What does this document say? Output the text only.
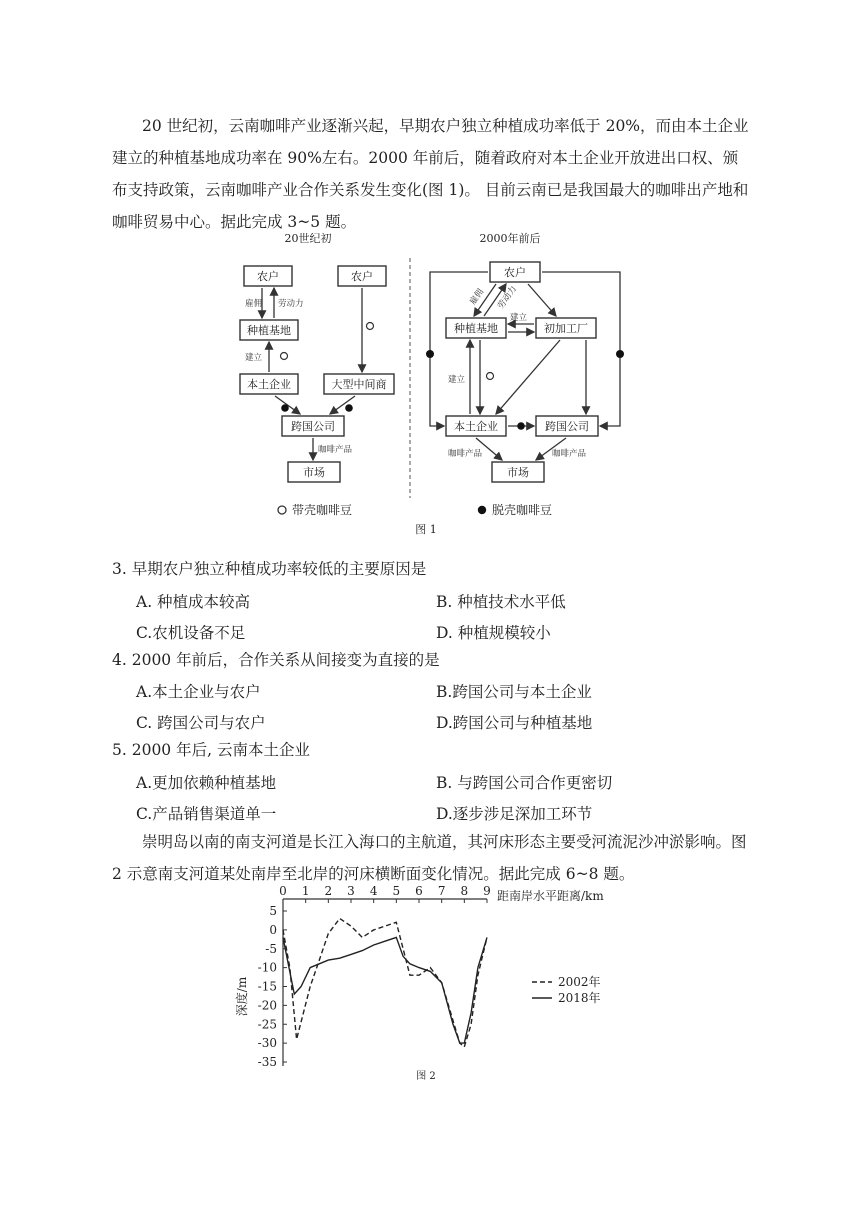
20 世纪初，云南咖啡产业逐渐兴起，早期农户独立种植成功率低于 20%，而由本土企业建立的种植基地成功率在 90%左右。2000 年前后，随着政府对本土企业开放进出口权、颁布支持政策，云南咖啡产业合作关系发生变化(图 1)。 目前云南已是我国最大的咖啡出产地和咖啡贸易中心。据此完成 3~5 题。
20世纪初	2000年前后
农户	农户
种植基地
本土企业	大型中间商
跨国公司
市场
雇佣 劳动力
建立
咖啡产品
农户
种植基地	初加工厂
本土企业	跨国公司
市场
雇佣 劳动力
建立
建立
咖啡产品	咖啡产品
带壳咖啡豆	脱壳咖啡豆
图 1
3. 早期农户独立种植成功率较低的主要原因是
A. 种植成本较高	B. 种植技术水平低
C.农机设备不足	D. 种植规模较小
4. 2000 年前后，合作关系从间接变为直接的是
A.本土企业与农户	B.跨国公司与本土企业
C. 跨国公司与农户	D.跨国公司与种植基地
5. 2000 年后, 云南本土企业
A.更加依赖种植基地	B. 与跨国公司合作更密切
C.产品销售渠道单一	D.逐步涉足深加工环节
崇明岛以南的南支河道是长江入海口的主航道，其河床形态主要受河流泥沙冲淤影响。图 2 示意南支河道某处南岸至北岸的河床横断面变化情况。据此完成 6~8 题。
0 1 2 3 4 5 6 7 8 9 距南岸水平距离/km
5
0
-5
-10
-15
-20
-25
-30
-35
深度/m	2002年
2018年
图 2
